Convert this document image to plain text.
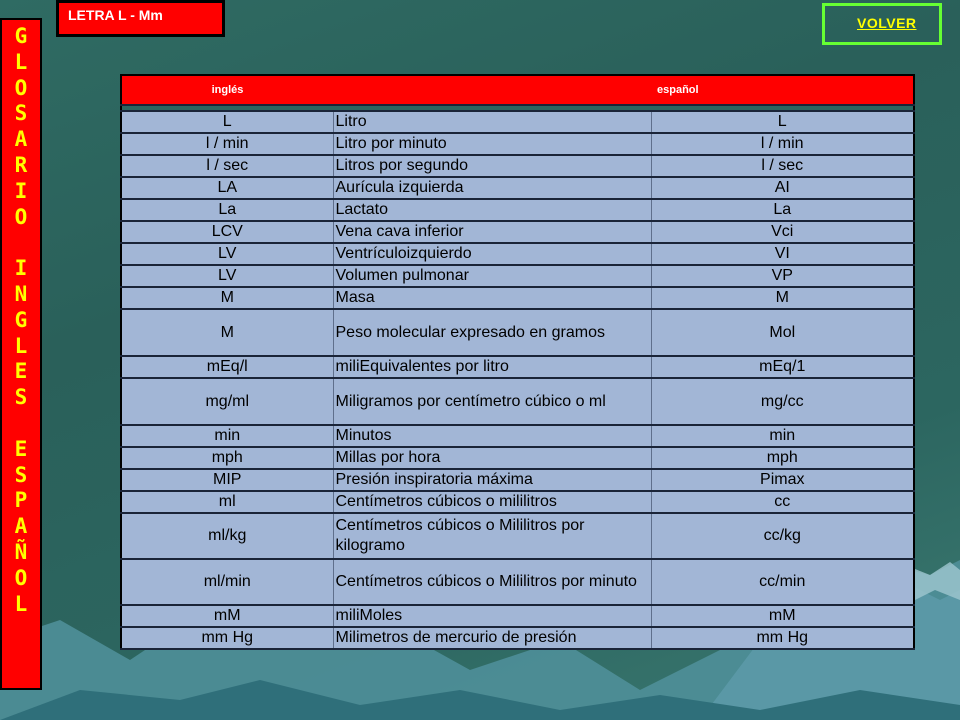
G
L
O
S
A
R
I
O
I
N
G
L
E
S
E
S
P
A
Ñ
O
L
LETRA L - Mm	VOLVER
inglés		español

L	Litro	L
l / min	Litro por minuto	l / min
l / sec	Litros por segundo	l / sec
LA	Aurícula izquierda	AI
La	Lactato	La
LCV	Vena cava inferior	Vci
LV	Ventrículoizquierdo	VI
LV	Volumen pulmonar	VP
M	Masa	M
M	Peso molecular expresado en gramos	Mol
mEq/l	miliEquivalentes por litro	mEq/1
mg/ml	Miligramos por centímetro cúbico o ml	mg/cc
min	Minutos	min
mph	Millas por hora	mph
MIP	Presión inspiratoria máxima	Pimax
ml	Centímetros cúbicos o mililitros	cc
ml/kg	Centímetros cúbicos o Mililitros por kilogramo	cc/kg
ml/min	Centímetros cúbicos o Mililitros por minuto	cc/min
mM	miliMoles	mM
mm Hg	Milimetros de mercurio de presión	mm Hg
